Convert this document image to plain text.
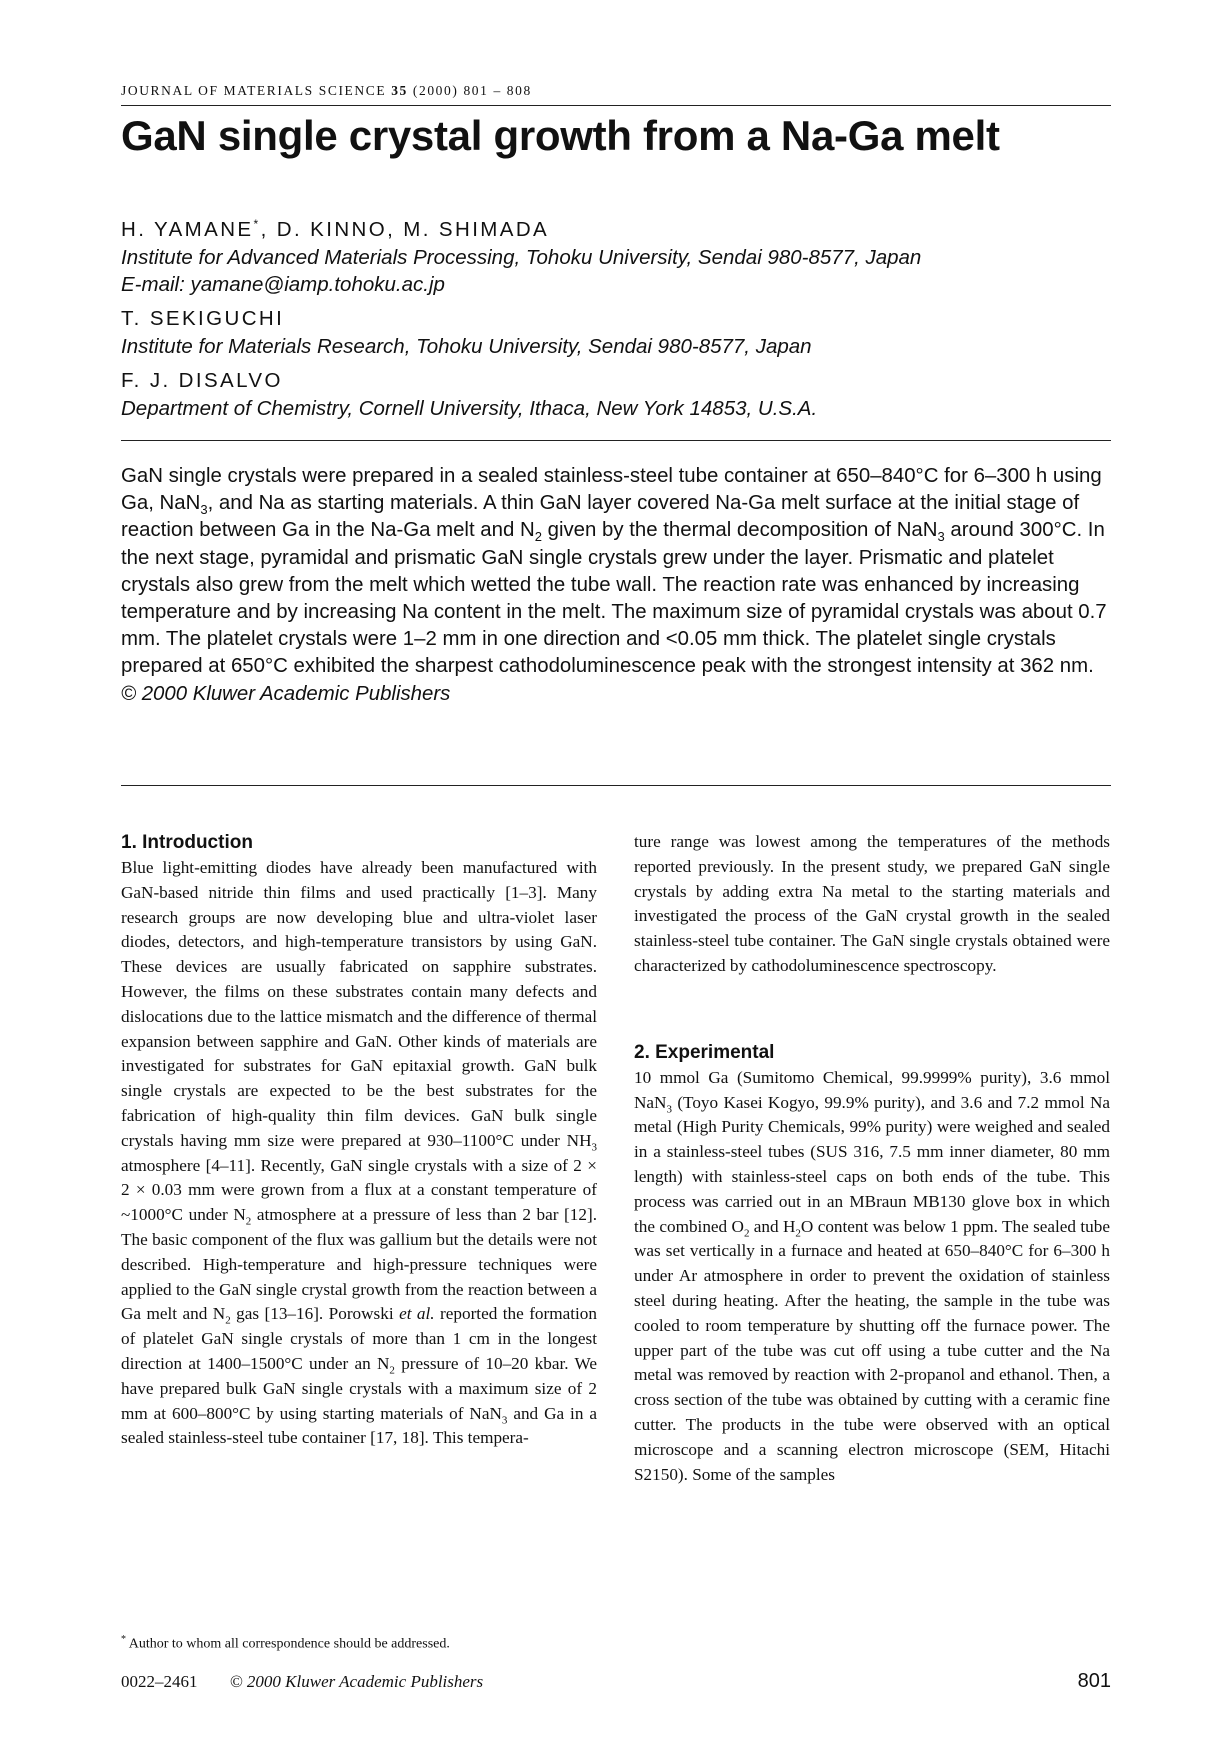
JOURNAL OF MATERIALS SCIENCE 35 (2000) 801 – 808
GaN single crystal growth from a Na-Ga melt
H. YAMANE*, D. KINNO, M. SHIMADA
Institute for Advanced Materials Processing, Tohoku University, Sendai 980-8577, Japan
E-mail: yamane@iamp.tohoku.ac.jp
T. SEKIGUCHI
Institute for Materials Research, Tohoku University, Sendai 980-8577, Japan
F. J. DISALVO
Department of Chemistry, Cornell University, Ithaca, New York 14853, U.S.A.

GaN single crystals were prepared in a sealed stainless-steel tube container at 650–840°C for 6–300 h using Ga, NaN$_3$, and Na as starting materials. A thin GaN layer covered Na-Ga melt surface at the initial stage of reaction between Ga in the Na-Ga melt and $N_2$ given by the thermal decomposition of NaN$_3$ around 300°C. In the next stage, pyramidal and prismatic GaN single crystals grew under the layer. Prismatic and platelet crystals also grew from the melt which wetted the tube wall. The reaction rate was enhanced by increasing temperature and by increasing Na content in the melt. The maximum size of pyramidal crystals was about 0.7 mm. The platelet crystals were 1–2 mm in one direction and <0.05 mm thick. The platelet single crystals prepared at 650°C exhibited the sharpest cathodoluminescence peak with the strongest intensity at 362 nm. © 2000 Kluwer Academic Publishers

1. Introduction

Blue light-emitting diodes have already been manufactured with GaN-based nitride thin films and used practically [1–3]. Many research groups are now developing blue and ultra-violet laser diodes, detectors, and high-temperature transistors by using GaN. These devices are usually fabricated on sapphire substrates. However, the films on these substrates contain many defects and dislocations due to the lattice mismatch and the difference of thermal expansion between sapphire and GaN. Other kinds of materials are investigated for substrates for GaN epitaxial growth. GaN bulk single crystals are expected to be the best substrates for the fabrication of high-quality thin film devices. GaN bulk single crystals having mm size were prepared at 930–1100°C under $NH_3$ atmosphere [4–11]. Recently, GaN single crystals with a size of 2 × 2 × 0.03 mm were grown from a flux at a constant temperature of ~1000°C under $N_2$ atmosphere at a pressure of less than 2 bar [12]. The basic component of the flux was gallium but the details were not described. High-temperature and high-pressure techniques were applied to the GaN single crystal growth from the reaction between a Ga melt and $N_2$ gas [13–16]. Porowski et al. reported the formation of platelet GaN single crystals of more than 1 cm in the longest direction at 1400–1500°C under an $N_2$ pressure of 10–20 kbar. We have prepared bulk GaN single crystals with a maximum size of 2 mm at 600–800°C by using starting materials of NaN$_3$ and Ga in a sealed stainless-steel tube container [17, 18]. This tempera-

ture range was lowest among the temperatures of the methods reported previously. In the present study, we prepared GaN single crystals by adding extra Na metal to the starting materials and investigated the process of the GaN crystal growth in the sealed stainless-steel tube container. The GaN single crystals obtained were characterized by cathodoluminescence spectroscopy.

2. Experimental

10 mmol Ga (Sumitomo Chemical, 99.9999% purity), 3.6 mmol NaN$_3$ (Toyo Kasei Kogyo, 99.9% purity), and 3.6 and 7.2 mmol Na metal (High Purity Chemicals, 99% purity) were weighed and sealed in a stainless-steel tubes (SUS 316, 7.5 mm inner diameter, 80 mm length) with stainless-steel caps on both ends of the tube. This process was carried out in an MBraun MB130 glove box in which the combined $O_2$ and $H_2O$ content was below 1 ppm. The sealed tube was set vertically in a furnace and heated at 650–840°C for 6–300 h under Ar atmosphere in order to prevent the oxidation of stainless steel during heating. After the heating, the sample in the tube was cooled to room temperature by shutting off the furnace power. The upper part of the tube was cut off using a tube cutter and the Na metal was removed by reaction with 2-propanol and ethanol. Then, a cross section of the tube was obtained by cutting with a ceramic fine cutter. The products in the tube were observed with an optical microscope and a scanning electron microscope (SEM, Hitachi S2150). Some of the samples

* Author to whom all correspondence should be addressed.
0022–2461 © 2000 Kluwer Academic Publishers	801
